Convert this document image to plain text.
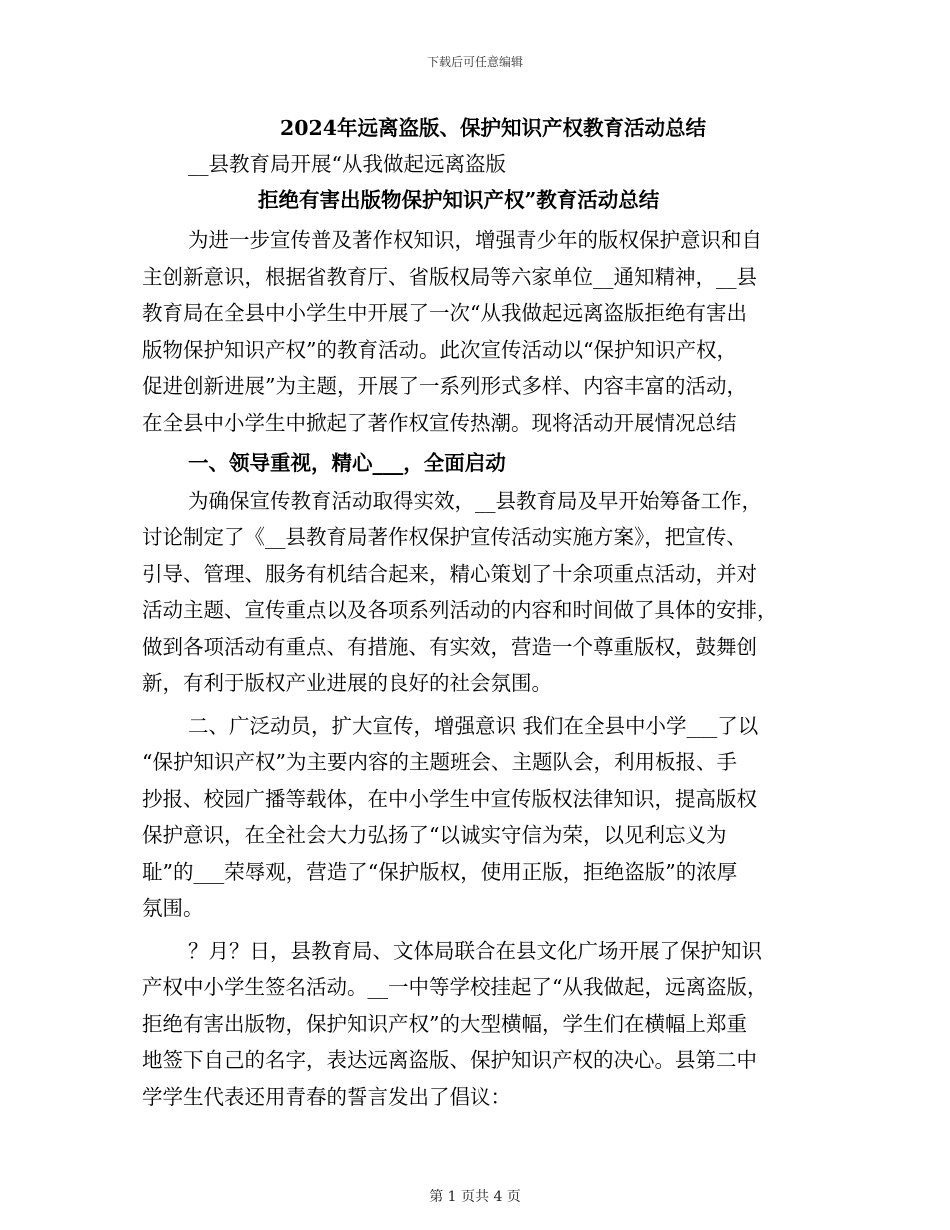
下载后可任意编辑
2024年远离盗版、保护知识产权教育活动总结
__县教育局开展“从我做起远离盗版
拒绝有害出版物保护知识产权”教育活动总结
为进一步宣传普及著作权知识，增强青少年的版权保护意识和自
主创新意识，根据省教育厅、省版权局等六家单位__通知精神，__县
教育局在全县中小学生中开展了一次“从我做起远离盗版拒绝有害出
版物保护知识产权”的教育活动。此次宣传活动以“保护知识产权，
促进创新进展”为主题，开展了一系列形式多样、内容丰富的活动，
在全县中小学生中掀起了著作权宣传热潮。现将活动开展情况总结
一、领导重视，精心___，全面启动
为确保宣传教育活动取得实效，__县教育局及早开始筹备工作，
讨论制定了《__县教育局著作权保护宣传活动实施方案》，把宣传、
引导、管理、服务有机结合起来，精心策划了十余项重点活动，并对
活动主题、宣传重点以及各项系列活动的内容和时间做了具体的安排，
做到各项活动有重点、有措施、有实效，营造一个尊重版权，鼓舞创
新，有利于版权产业进展的良好的社会氛围。
二、广泛动员，扩大宣传，增强意识 我们在全县中小学___了以
“保护知识产权”为主要内容的主题班会、主题队会，利用板报、手
抄报、校园广播等载体，在中小学生中宣传版权法律知识，提高版权
保护意识，在全社会大力弘扬了“以诚实守信为荣，以见利忘义为
耻”的___荣辱观，营造了“保护版权，使用正版，拒绝盗版”的浓厚
氛围。
？月？日，县教育局、文体局联合在县文化广场开展了保护知识
产权中小学生签名活动。__一中等学校挂起了“从我做起，远离盗版，
拒绝有害出版物，保护知识产权”的大型横幅，学生们在横幅上郑重
地签下自己的名字，表达远离盗版、保护知识产权的决心。县第二中
学学生代表还用青春的誓言发出了倡议：
第 1 页共 4 页
